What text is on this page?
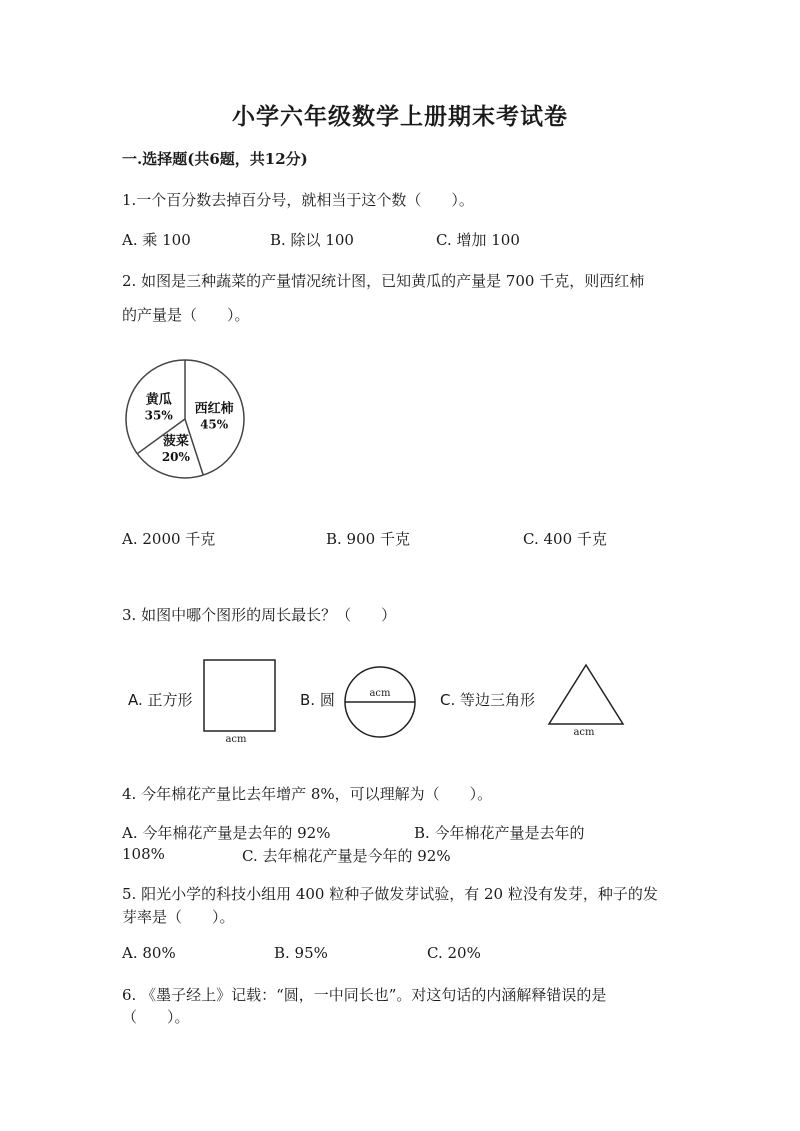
小学六年级数学上册期末考试卷
一.选择题(共6题，共12分)
1.一个百分数去掉百分号，就相当于这个数（　　）。
A. 乘 100	B. 除以 100	C. 增加 100
2. 如图是三种蔬菜的产量情况统计图，已知黄瓜的产量是 700 千克，则西红柿
的产量是（　　）。
西红柿
45%
菠菜
20%
黄瓜
35%
A. 2000 千克	B. 900 千克	C. 400 千克
3. 如图中哪个图形的周长最长？（　　）
A. 正方形
acm
B. 圆	acm	C. 等边三角形
acm
4. 今年棉花产量比去年增产 8%，可以理解为（　　）。
A. 今年棉花产量是去年的 92%	B. 今年棉花产量是去年的
108%	C. 去年棉花产量是今年的 92%
5. 阳光小学的科技小组用 400 粒种子做发芽试验，有 20 粒没有发芽，种子的发
芽率是（　　）。
A. 80%	B. 95%	C. 20%
6. 《墨子经上》记载：“圆，一中同长也”。对这句话的内涵解释错误的是
（　　）。
